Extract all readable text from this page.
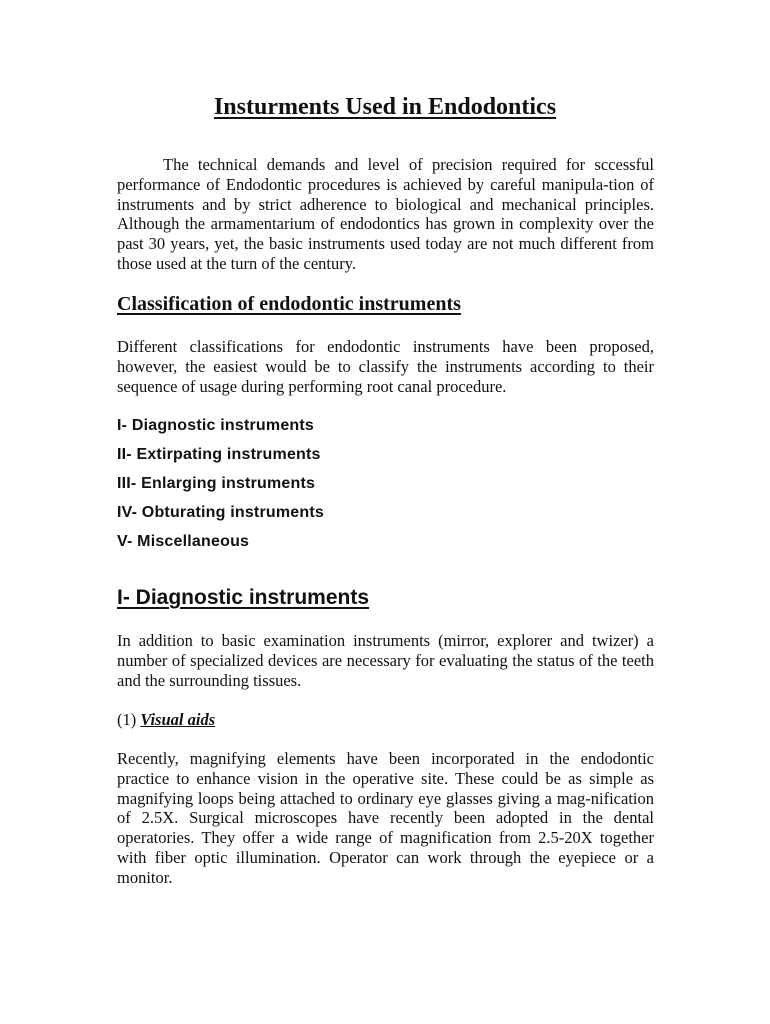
Insturments Used in Endodontics

The technical demands and level of precision required for sccessful performance of Endodontic procedures is achieved by careful manipula-tion of instruments and by strict adherence to biological and mechanical principles. Although the armamentarium of endodontics has grown in complexity over the past 30 years, yet, the basic instruments used today are not much different from those used at the turn of the century.

Classification of endodontic instruments

Different classifications for endodontic instruments have been proposed, however, the easiest would be to classify the instruments according to their sequence of usage during performing root canal procedure.

I- Diagnostic instruments

II- Extirpating instruments

III- Enlarging instruments

IV- Obturating instruments

V- Miscellaneous

I- Diagnostic instruments

In addition to basic examination instruments (mirror, explorer and twizer) a number of specialized devices are necessary for evaluating the status of the teeth and the surrounding tissues.

(1) Visual aids

Recently, magnifying elements have been incorporated in the endodontic practice to enhance vision in the operative site. These could be as simple as magnifying loops being attached to ordinary eye glasses giving a mag-nification of 2.5X. Surgical microscopes have recently been adopted in the dental operatories. They offer a wide range of magnification from 2.5-20X together with fiber optic illumination. Operator can work through the eyepiece or a monitor.
